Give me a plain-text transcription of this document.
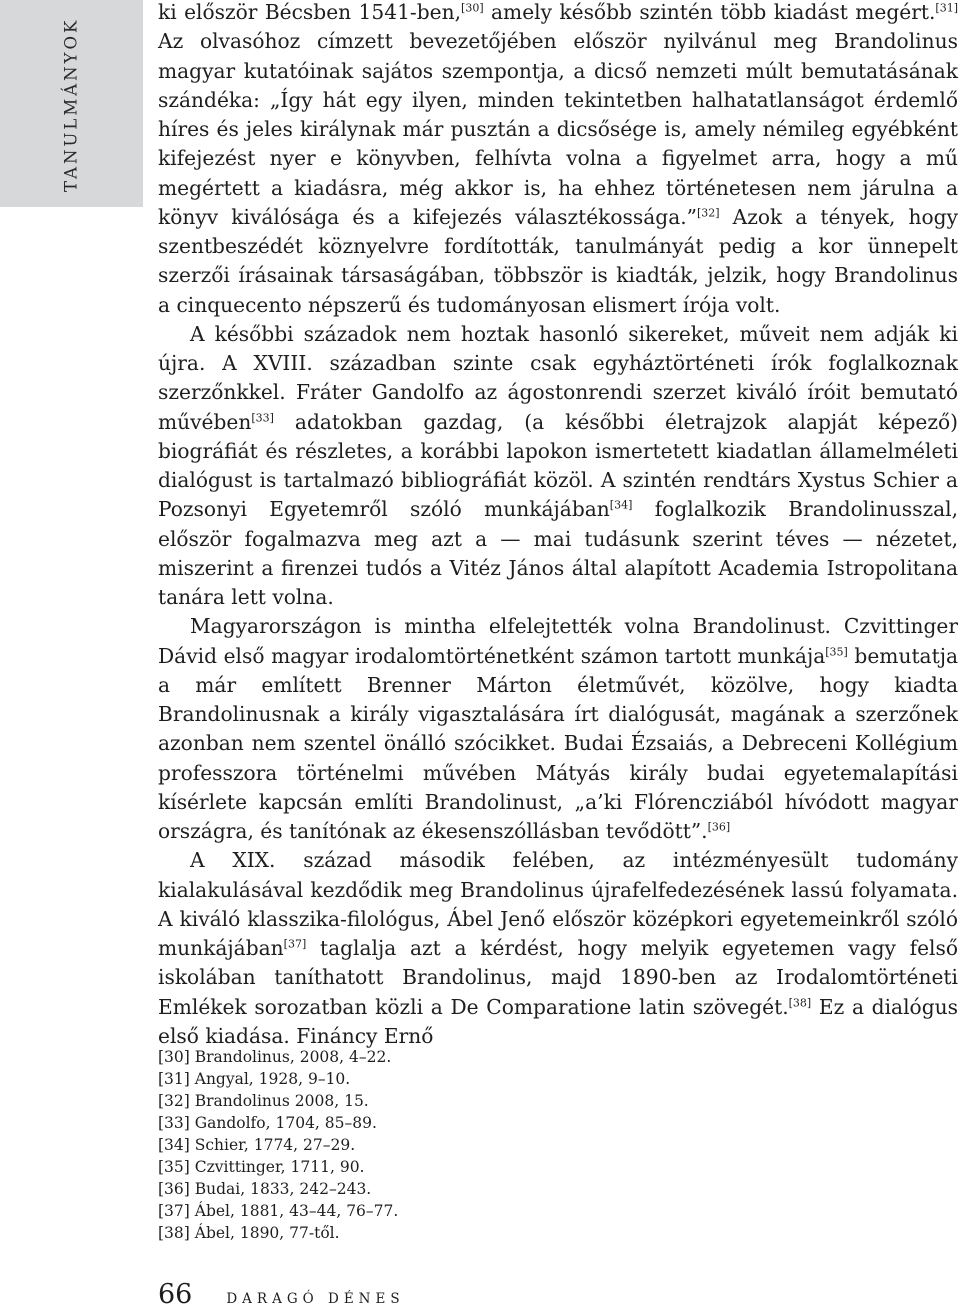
TANULMÁNYOK

ki először Bécsben 1541-ben,[30] amely később szintén több kiadást megért.[31] Az olvasóhoz címzett bevezetőjében először nyilvánul meg Brandolinus magyar kutatóinak sajátos szempontja, a dicső nemzeti múlt bemutatásának szándéka: „Így hát egy ilyen, minden tekintetben halhatatlanságot érdemlő híres és jeles királynak már pusztán a dicsősége is, amely némileg egyébként kifejezést nyer e könyvben, felhívta volna a figyelmet arra, hogy a mű megértett a kiadásra, még akkor is, ha ehhez történetesen nem járulna a könyv kiválósága és a kifejezés választékossága.”[32] Azok a tények, hogy szentbeszédét köznyelvre fordították, tanulmányát pedig a kor ünnepelt szerzői írásainak társaságában, többször is kiadták, jelzik, hogy Brandolinus a cinquecento népszerű és tudományosan elismert írója volt.

A későbbi századok nem hoztak hasonló sikereket, műveit nem adják ki újra. A XVIII. században szinte csak egyháztörténeti írók foglalkoznak szerzőnkkel. Fráter Gandolfo az ágostonrendi szerzet kiváló íróit bemutató művében[33] adatokban gazdag, (a későbbi életrajzok alapját képező) biográfiát és részletes, a korábbi lapokon ismertetett kiadatlan államelméleti dialógust is tartalmazó bibliográfiát közöl. A szintén rendtárs Xystus Schier a Pozsonyi Egyetemről szóló munkájában[34] foglalkozik Brandolinusszal, először fogalmazva meg azt a — mai tudásunk szerint téves — nézetet, miszerint a firenzei tudós a Vitéz János által alapított Academia Istropolitana tanára lett volna.

Magyarországon is mintha elfelejtették volna Brandolinust. Czvittinger Dávid első magyar irodalomtörténetként számon tartott munkája[35] bemutatja a már említett Brenner Márton életművét, közölve, hogy kiadta Brandolinusnak a király vigasztalására írt dialógusát, magának a szerzőnek azonban nem szentel önálló szócikket. Budai Ézsaiás, a Debreceni Kollégium professzora történelmi művében Mátyás király budai egyetemalapítási kísérlete kapcsán említi Brandolinust, „a’ki Flórencziából hívódott magyar országra, és tanítónak az ékesenszóllásban tevődött”.[36]

A XIX. század második felében, az intézményesült tudomány kialakulásával kezdődik meg Brandolinus újrafelfedezésének lassú folyamata. A kiváló klasszika-filológus, Ábel Jenő először középkori egyetemeinkről szóló munkájában[37] taglalja azt a kérdést, hogy melyik egyetemen vagy felső iskolában taníthatott Brandolinus, majd 1890-ben az Irodalomtörténeti Emlékek sorozatban közli a De Comparatione latin szövegét.[38] Ez a dialógus első kiadása. Fináncy Ernő

[30] Brandolinus, 2008, 4–22.
[31] Angyal, 1928, 9–10.
[32] Brandolinus 2008, 15.
[33] Gandolfo, 1704, 85–89.
[34] Schier, 1774, 27–29.
[35] Czvittinger, 1711, 90.
[36] Budai, 1833, 242–243.
[37] Ábel, 1881, 43–44, 76–77.
[38] Ábel, 1890, 77-től.
66	DARAGÓ DÉNES
